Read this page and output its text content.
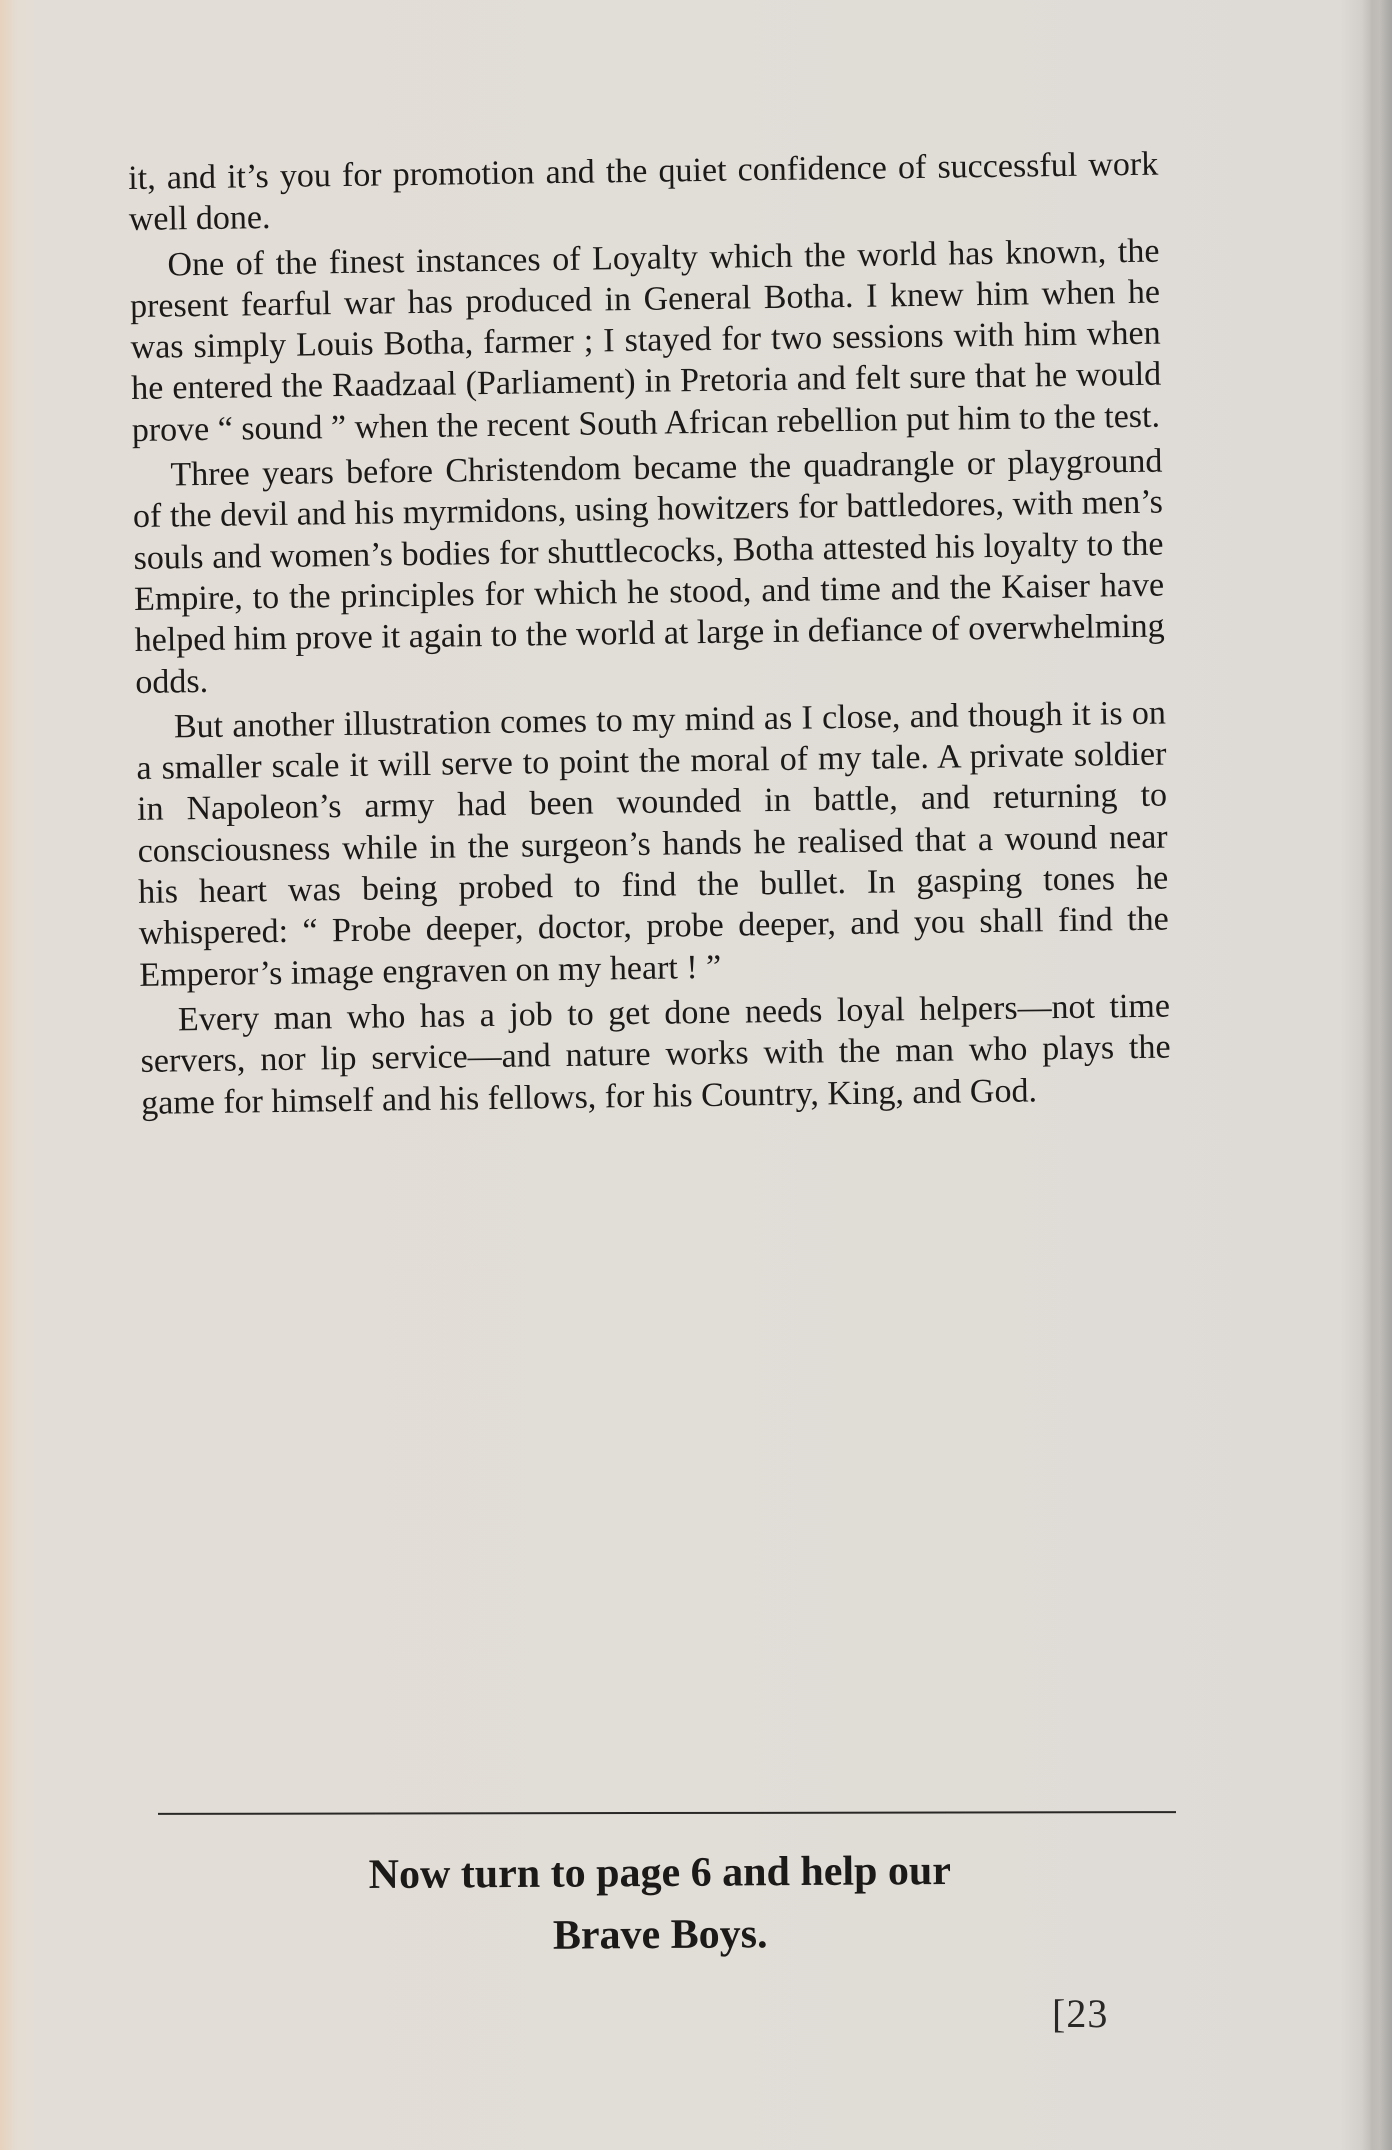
it, and it’s you for promotion and the quiet confidence of successful work well done.

One of the finest instances of Loyalty which the world has known, the present fearful war has produced in General Botha. I knew him when he was simply Louis Botha, farmer ; I stayed for two sessions with him when he entered the Raadzaal (Parliament) in Pretoria and felt sure that he would prove “ sound ” when the recent South African rebellion put him to the test.

Three years before Christendom became the quadrangle or playground of the devil and his myrmidons, using howitzers for battledores, with men’s souls and women’s bodies for shuttlecocks, Botha attested his loyalty to the Empire, to the principles for which he stood, and time and the Kaiser have helped him prove it again to the world at large in defiance of overwhelming odds.

But another illustration comes to my mind as I close, and though it is on a smaller scale it will serve to point the moral of my tale. A private soldier in Napoleon’s army had been wounded in battle, and returning to consciousness while in the surgeon’s hands he realised that a wound near his heart was being probed to find the bullet. In gasping tones he whispered: “ Probe deeper, doctor, probe deeper, and you shall find the Emperor’s image engraven on my heart ! ”

Every man who has a job to get done needs loyal helpers—not time servers, nor lip service—and nature works with the man who plays the game for himself and his fellows, for his Country, King, and God.

Now turn to page 6 and help our
Brave Boys.
[23
